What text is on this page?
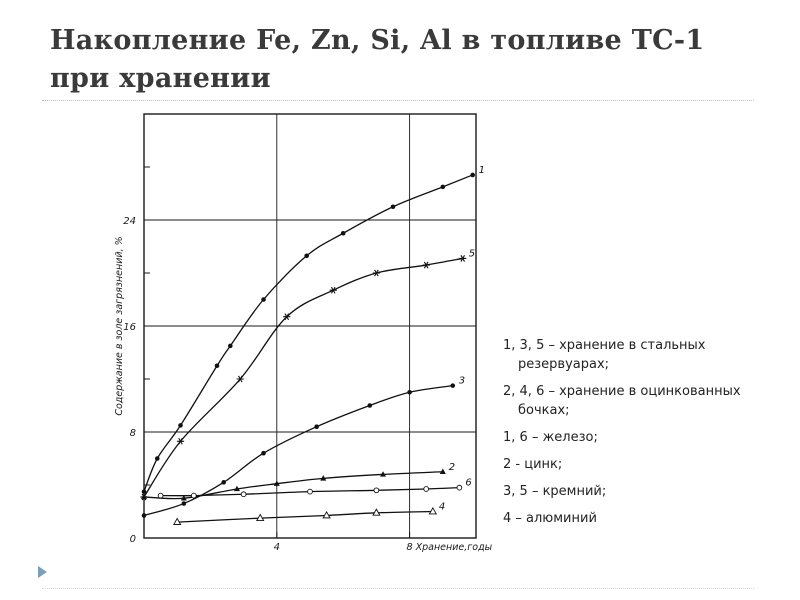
Накопление Fe, Zn, Si, Al в топливе ТС-1 при хранении
0
8
16
24
4	8
Содержание в золе загрязнений, %
Хранение,годы
1
2
3
4
5
6
1, 3, 5 – хранение в стальных резервуарах;
2, 4, 6 – хранение в оцинкованных бочках;
1, 6 – железо;
2 - цинк;
3, 5 – кремний;
4 – алюминий
